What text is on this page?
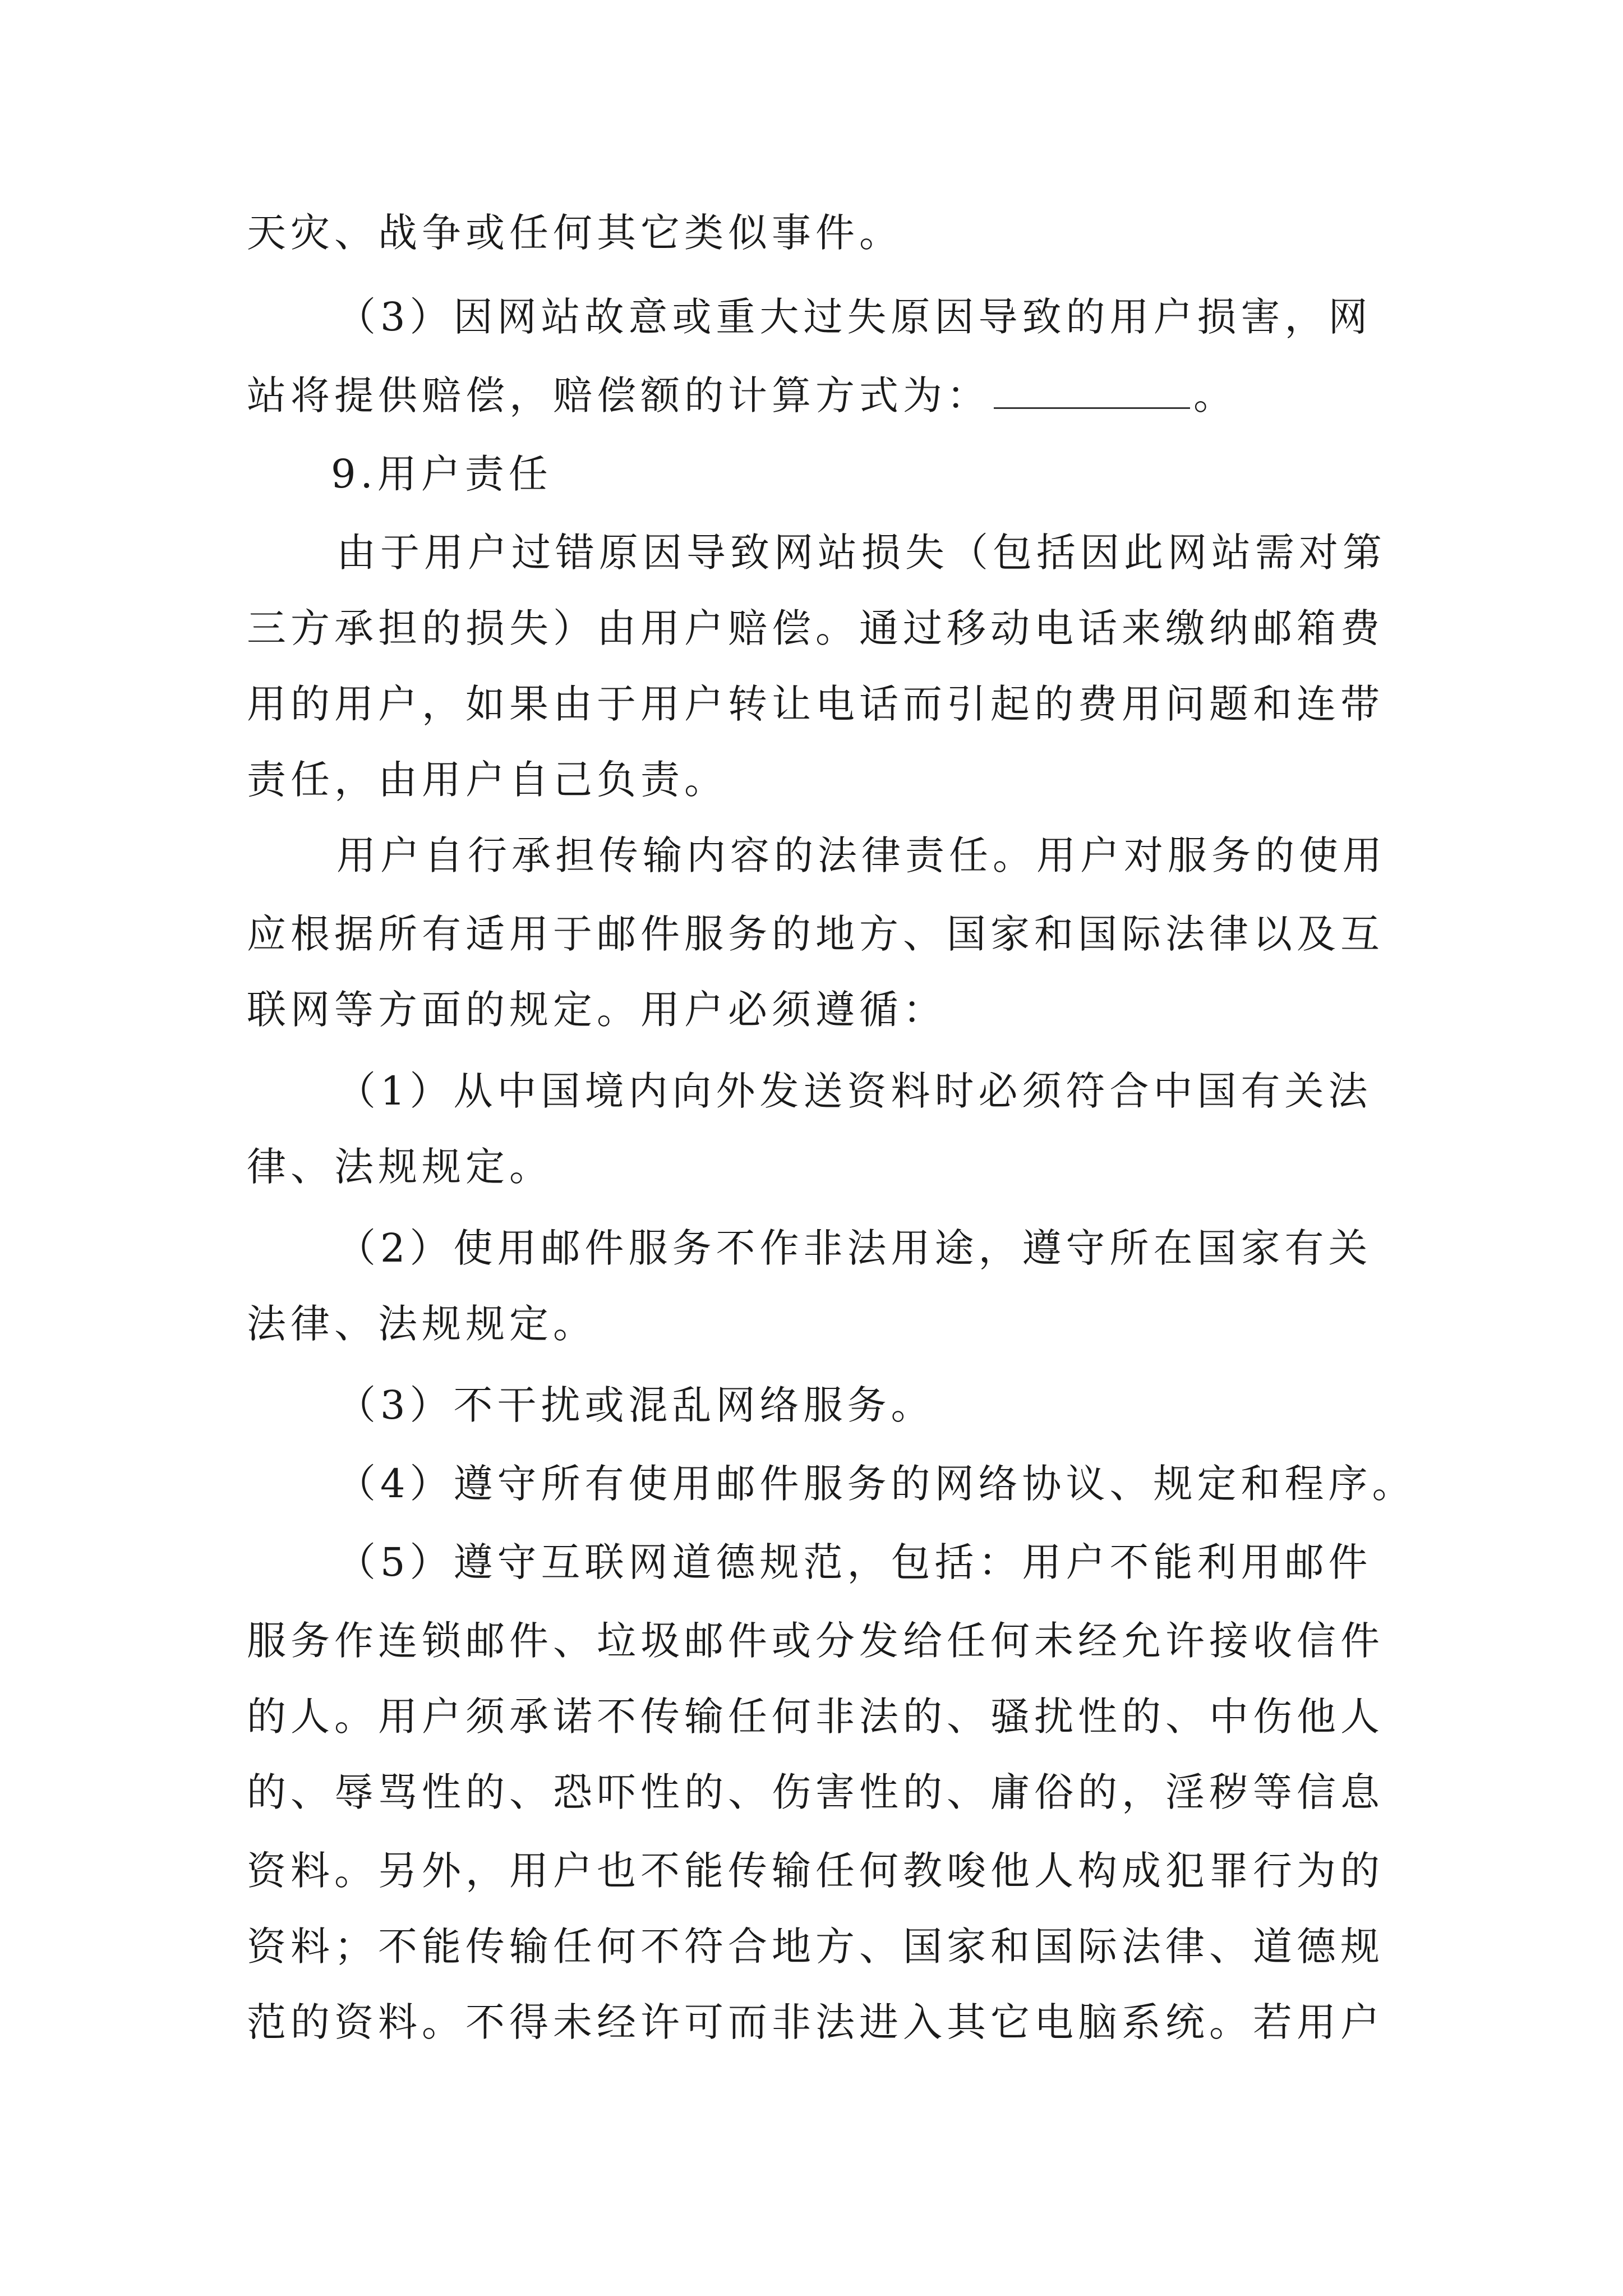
天灾、战争或任何其它类似事件。
（3）因网站故意或重大过失原因导致的用户损害，网
站将提供赔偿，赔偿额的计算方式为：	。
9.用户责任
由于用户过错原因导致网站损失（包括因此网站需对第
三方承担的损失）由用户赔偿。通过移动电话来缴纳邮箱费
用的用户，如果由于用户转让电话而引起的费用问题和连带
责任，由用户自己负责。
用户自行承担传输内容的法律责任。用户对服务的使用
应根据所有适用于邮件服务的地方、国家和国际法律以及互
联网等方面的规定。用户必须遵循：
（1）从中国境内向外发送资料时必须符合中国有关法
律、法规规定。
（2）使用邮件服务不作非法用途，遵守所在国家有关
法律、法规规定。
（3）不干扰或混乱网络服务。
（4）遵守所有使用邮件服务的网络协议、规定和程序。
（5）遵守互联网道德规范，包括：用户不能利用邮件
服务作连锁邮件、垃圾邮件或分发给任何未经允许接收信件
的人。用户须承诺不传输任何非法的、骚扰性的、中伤他人
的、辱骂性的、恐吓性的、伤害性的、庸俗的，淫秽等信息
资料。另外，用户也不能传输任何教唆他人构成犯罪行为的
资料；不能传输任何不符合地方、国家和国际法律、道德规
范的资料。不得未经许可而非法进入其它电脑系统。若用户
